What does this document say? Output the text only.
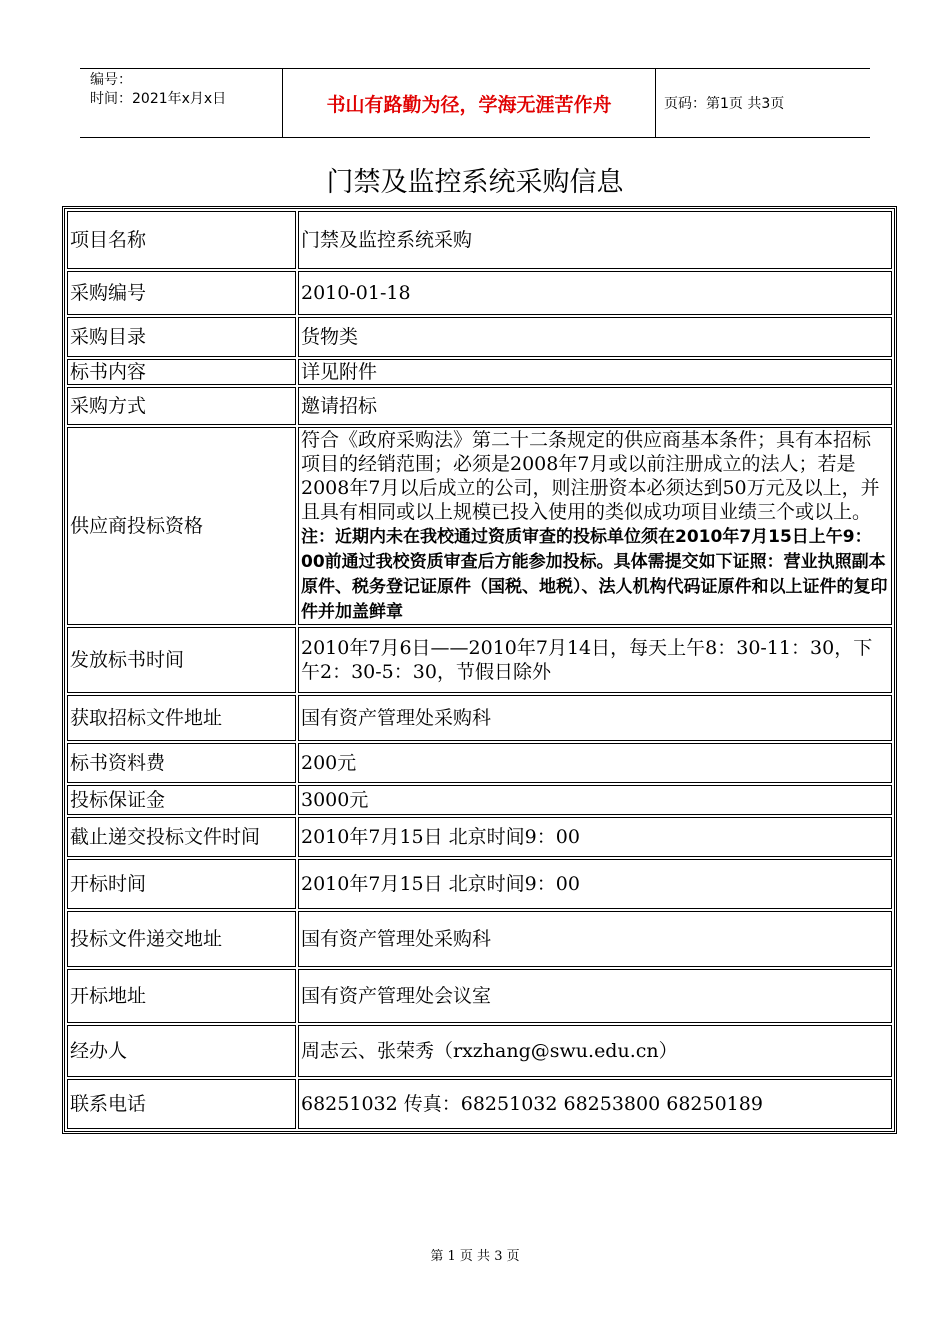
编号：
时间：2021年x月x日	书山有路勤为径，学海无涯苦作舟	页码：第1页 共3页
门禁及监控系统采购信息
项目名称	门禁及监控系统采购
采购编号	2010-01-18
采购目录	货物类
标书内容	详见附件
采购方式	邀请招标
供应商投标资格	符合《政府采购法》第二十二条规定的供应商基本条件；具有本招标项目的经销范围；必须是2008年7月或以前注册成立的法人；若是2008年7月以后成立的公司，则注册资本必须达到50万元及以上，并且具有相同或以上规模已投入使用的类似成功项目业绩三个或以上。注：近期内未在我校通过资质审查的投标单位须在2010年7月15日上午9：00前通过我校资质审查后方能参加投标。具体需提交如下证照：营业执照副本原件、税务登记证原件（国税、地税）、法人机构代码证原件和以上证件的复印件并加盖鲜章
发放标书时间	2010年7月6日——2010年7月14日，每天上午8：30-11：30，下午2：30-5：30，节假日除外
获取招标文件地址	国有资产管理处采购科
标书资料费	200元
投标保证金	3000元
截止递交投标文件时间	2010年7月15日 北京时间9：00
开标时间	2010年7月15日 北京时间9：00
投标文件递交地址	国有资产管理处采购科
开标地址	国有资产管理处会议室
经办人	周志云、张荣秀（rxzhang@swu.edu.cn）
联系电话	68251032 传真：68251032 68253800 68250189
第 1 页 共 3 页
